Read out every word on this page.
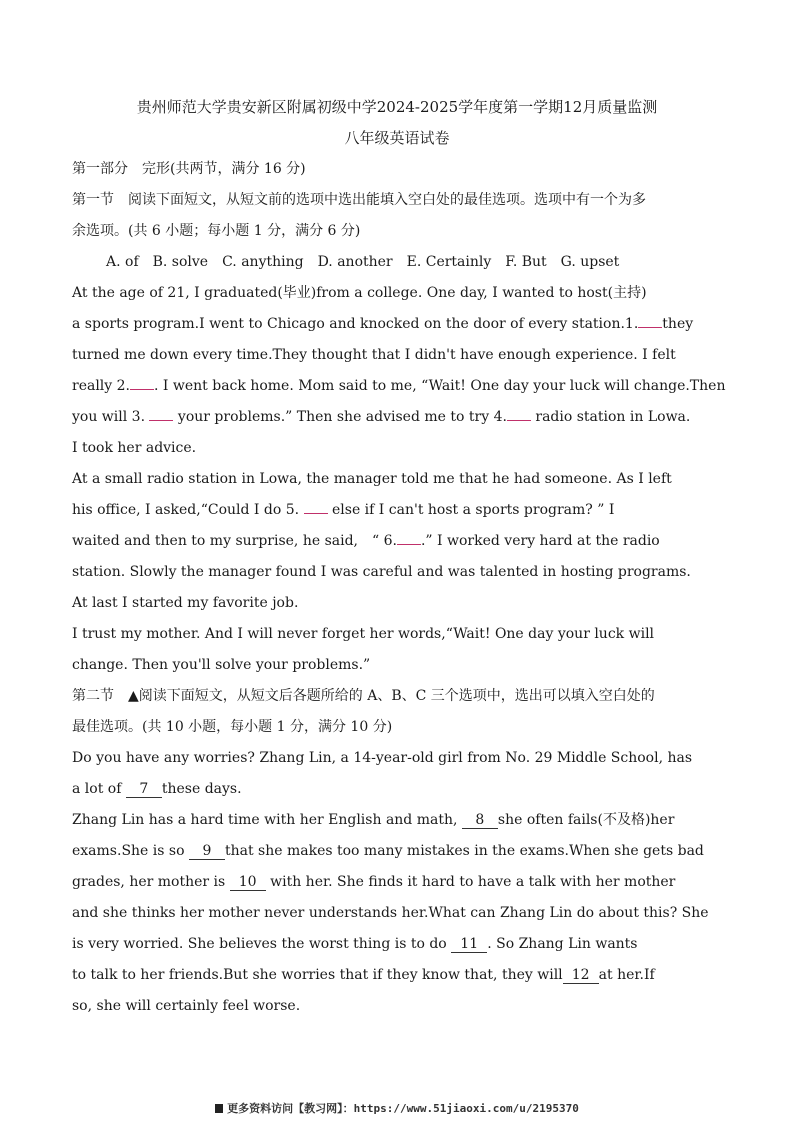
贵州师范大学贵安新区附属初级中学2024-2025学年度第一学期12月质量监测

八年级英语试卷

第一部分　完形(共两节，满分 16 分)

第一节　阅读下面短文，从短文前的选项中选出能填入空白处的最佳选项。选项中有一个为多

余选项。(共 6 小题；每小题 1 分，满分 6 分)

A. of　B. solve　C. anything　D. another　E. Certainly　F. But　G. upset

At the age of 21, I graduated(毕业)from a college. One day, I wanted to host(主持)

a sports program.I went to Chicago and knocked on the door of every station.1. they

turned me down every time.They thought that I didn't have enough experience. I felt

really 2. . I went back home. Mom said to me, “Wait! One day your luck will change.Then

you will 3.  your problems.” Then she advised me to try 4. radio station in Lowa.

I took her advice.

At a small radio station in Lowa, the manager told me that he had someone. As I left

his office, I asked,“Could I do 5.  else if I can't host a sports program? ” I

waited and then to my surprise, he said,　“ 6. .” I worked very hard at the radio

station. Slowly the manager found I was careful and was talented in hosting programs.

At last I started my favorite job.

I trust my mother. And I will never forget her words,“Wait! One day your luck will

change. Then you'll solve your problems.”

第二节　▲阅读下面短文，从短文后各题所给的 A、B、C 三个选项中，选出可以填入空白处的

最佳选项。(共 10 小题，每小题 1 分，满分 10 分)

Do you have any worries? Zhang Lin, a 14-year-old girl from No. 29 Middle School, has

a lot of 7 these days.

Zhang Lin has a hard time with her English and math, 8 she often fails(不及格)her

exams.She is so 9 that she makes too many mistakes in the exams.When she gets bad

grades, her mother is 10 with her. She finds it hard to have a talk with her mother

and she thinks her mother never understands her.What can Zhang Lin do about this? She

is very worried. She believes the worst thing is to do 11 . So Zhang Lin wants

to talk to her friends.But she worries that if they know that, they will 12 at her.If

so, she will certainly feel worse.

更多资料访问【教习网】：https://www.51jiaoxi.com/u/2195370
